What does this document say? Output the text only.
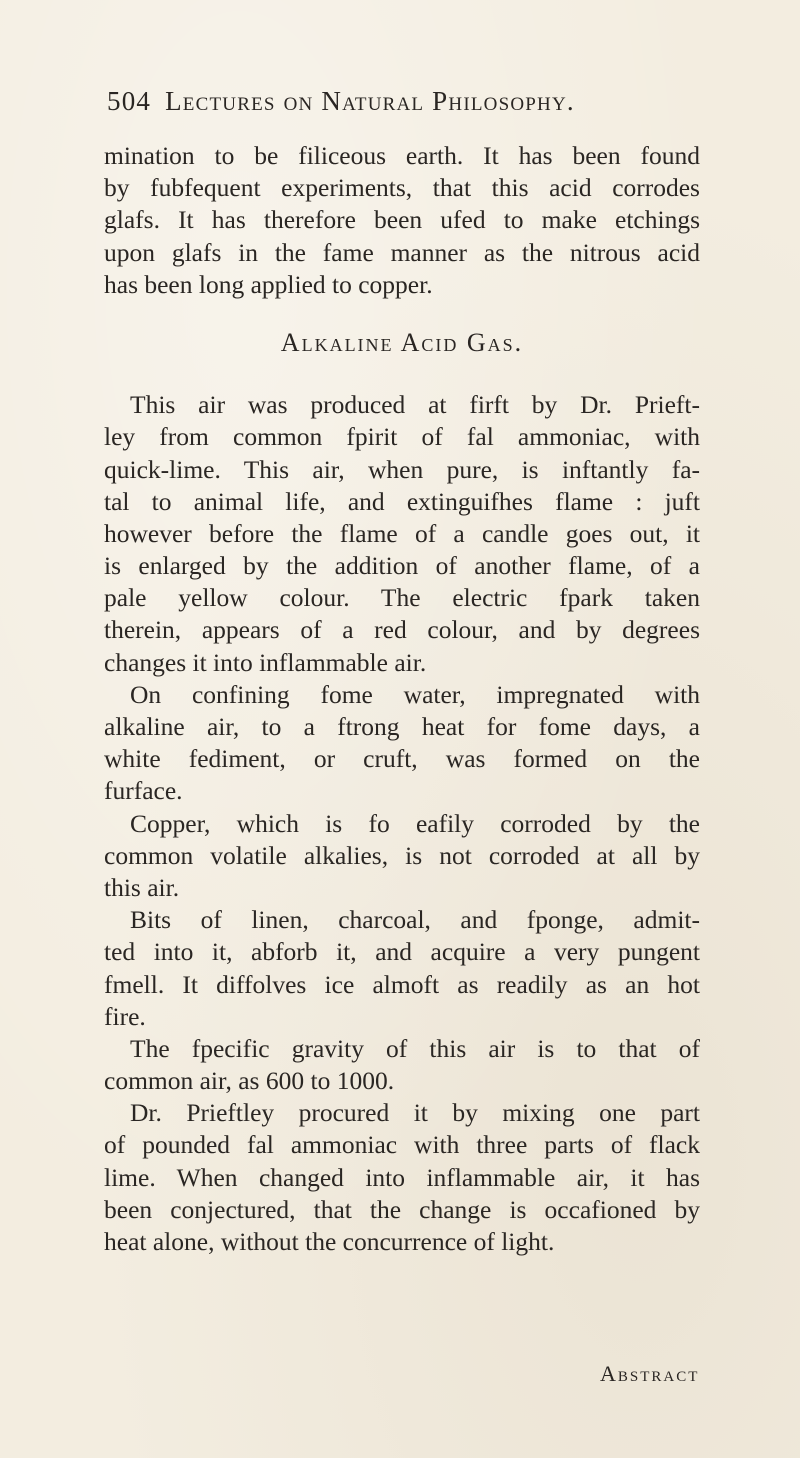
504 Lectures on Natural Philosophy.
mination to be filiceous earth. It has been found
by fubfequent experiments, that this acid corrodes
glafs. It has therefore been ufed to make etchings
upon glafs in the fame manner as the nitrous acid
has been long applied to copper.
Alkaline Acid Gas.
This air was produced at firft by Dr. Prieft-
ley from common fpirit of fal ammoniac, with
quick-lime. This air, when pure, is inftantly fa-
tal to animal life, and extinguifhes flame : juft
however before the flame of a candle goes out, it
is enlarged by the addition of another flame, of a
pale yellow colour. The electric fpark taken
therein, appears of a red colour, and by degrees
changes it into inflammable air.
On confining fome water, impregnated with
alkaline air, to a ftrong heat for fome days, a
white fediment, or cruft, was formed on the
furface.
Copper, which is fo eafily corroded by the
common volatile alkalies, is not corroded at all by
this air.
Bits of linen, charcoal, and fponge, admit-
ted into it, abforb it, and acquire a very pungent
fmell. It diffolves ice almoft as readily as an hot
fire.
The fpecific gravity of this air is to that of
common air, as 600 to 1000.
Dr. Prieftley procured it by mixing one part
of pounded fal ammoniac with three parts of flack
lime. When changed into inflammable air, it has
been conjectured, that the change is occafioned by
heat alone, without the concurrence of light.
Abstract
